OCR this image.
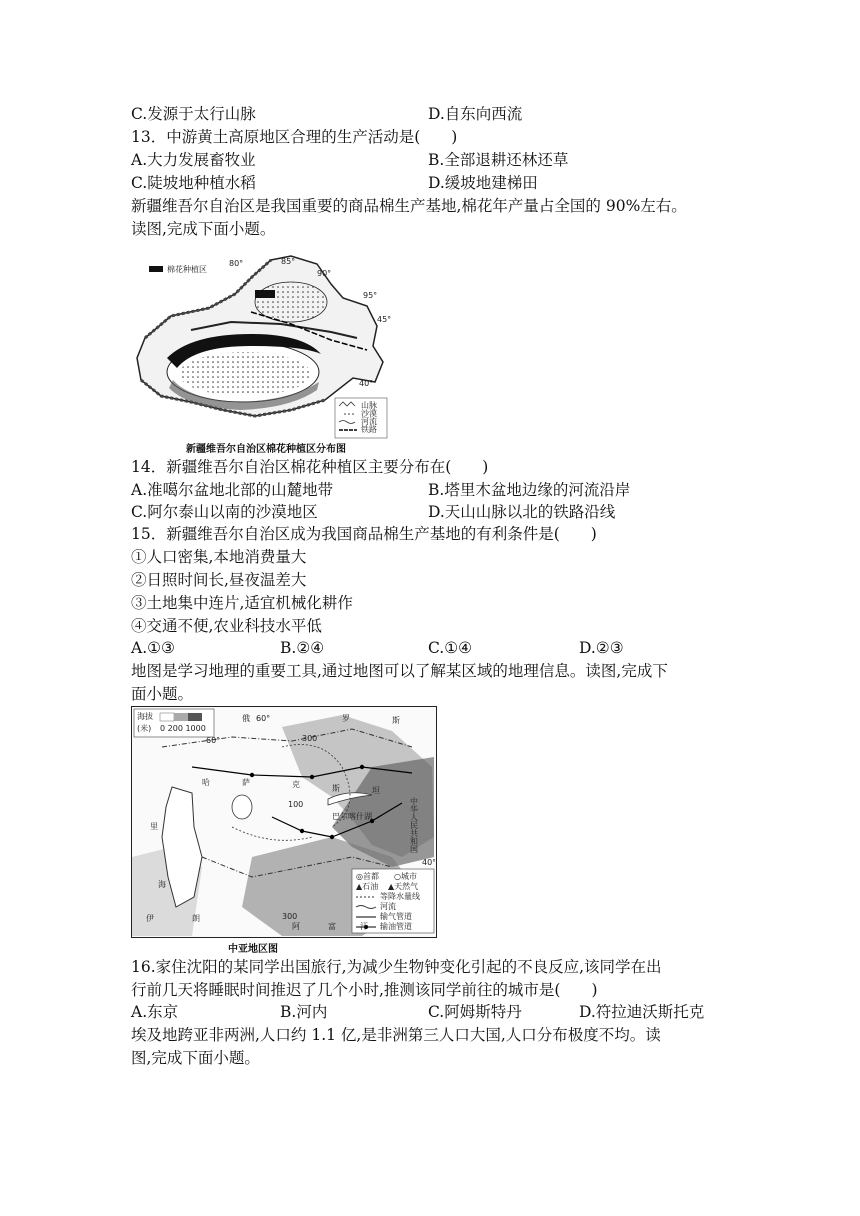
C.发源于太行山脉	D.自东向西流
13．中游黄土高原地区合理的生产活动是(　　)
A.大力发展畜牧业	B.全部退耕还林还草
C.陡坡地种植水稻	D.缓坡地建梯田
新疆维吾尔自治区是我国重要的商品棉生产基地,棉花年产量占全国的 90%左右。
读图,完成下面小题。
棉花种植区
80°	85°
90°
95°
45°
40°
山脉
沙漠
河流
铁路
新疆维吾尔自治区棉花种植区分布图
14．新疆维吾尔自治区棉花种植区主要分布在(　　)
A.准噶尔盆地北部的山麓地带	B.塔里木盆地边缘的河流沿岸
C.阿尔泰山以南的沙漠地区	D.天山山脉以北的铁路沿线
15．新疆维吾尔自治区成为我国商品棉生产基地的有利条件是(　　)
①人口密集,本地消费量大
②日照时间长,昼夜温差大
③土地集中连片,适宜机械化耕作
④交通不便,农业科技水平低
A.①③	B.②④	C.①④	D.②③
地图是学习地理的重要工具,通过地图可以了解某区域的地理信息。读图,完成下
面小题。
海拔
(米) 0 200 1000
◎首都 ○城市
▲石油 ▲天然气
等降水量线
河流
输气管道
输油管道
哈	萨	克	斯	坦
巴尔喀什湖
里
海
伊	朗
阿	富	汗
中华人民共和国
俄	罗	斯
300
100
300
60°
60°
40°
中亚地区图
16.家住沈阳的某同学出国旅行,为减少生物钟变化引起的不良反应,该同学在出
行前几天将睡眠时间推迟了几个小时,推测该同学前往的城市是(　　)
A.东京	B.河内	C.阿姆斯特丹	D.符拉迪沃斯托克
埃及地跨亚非两洲,人口约 1.1 亿,是非洲第三人口大国,人口分布极度不均。读
图,完成下面小题。
